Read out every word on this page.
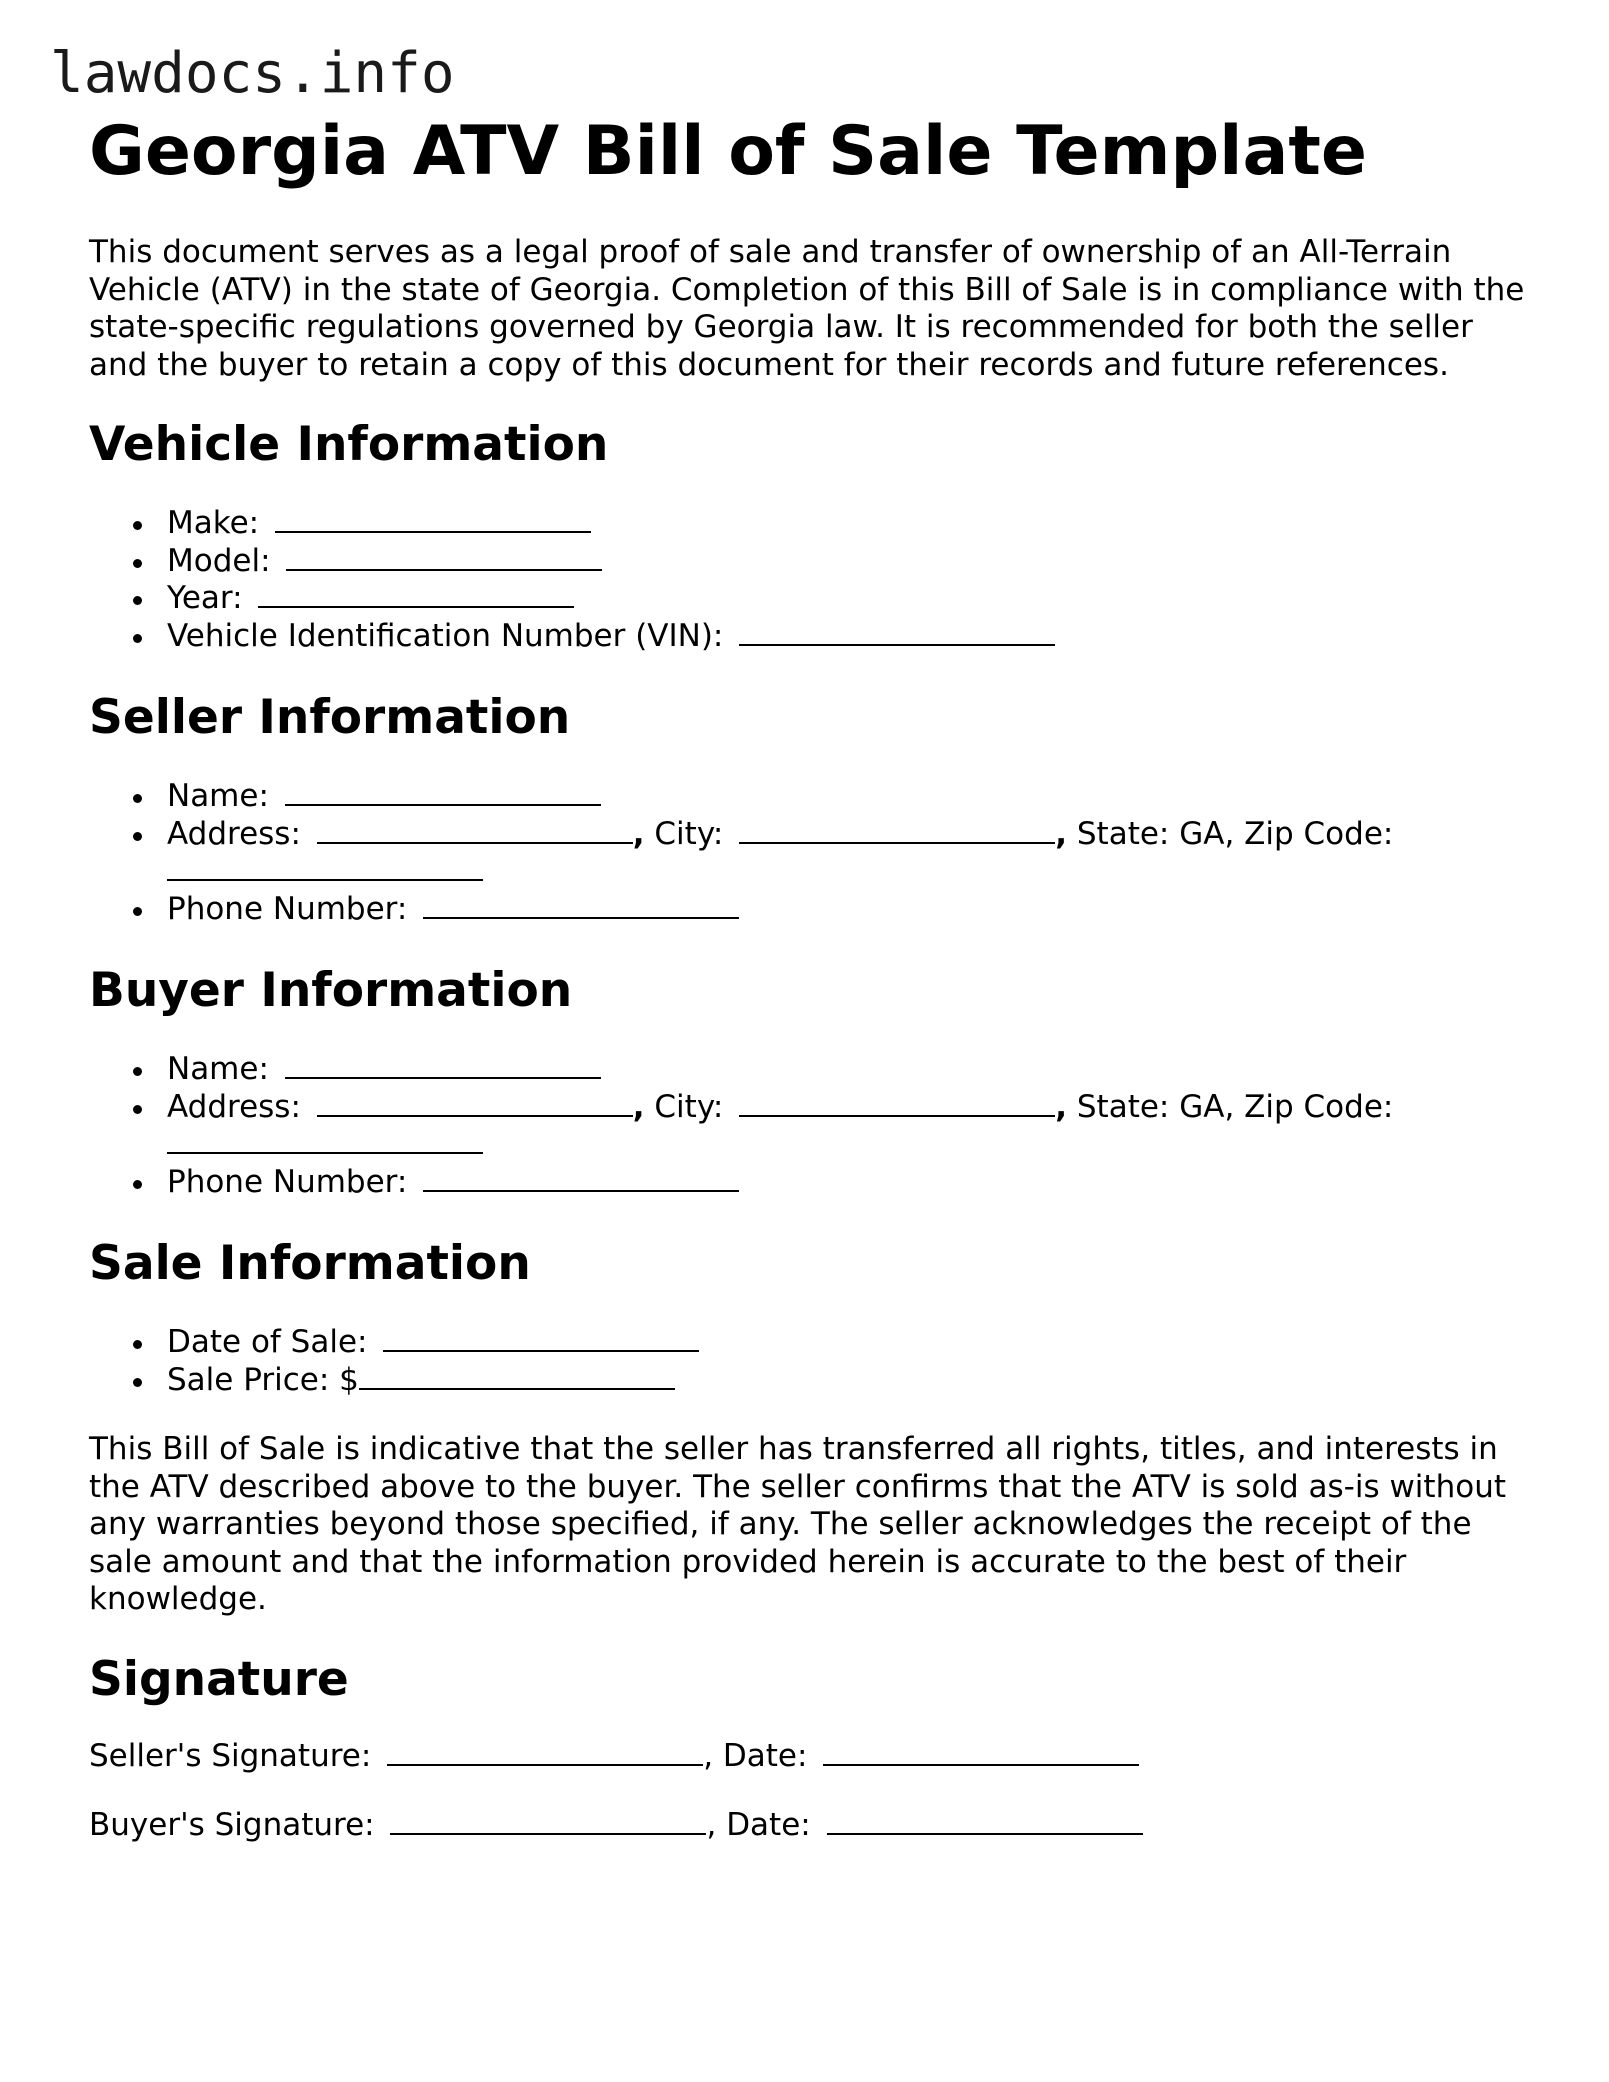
lawdocs.info
Georgia ATV Bill of Sale Template

This document serves as a legal proof of sale and transfer of ownership of an All-Terrain Vehicle (ATV) in the state of Georgia. Completion of this Bill of Sale is in compliance with the state-specific regulations governed by Georgia law. It is recommended for both the seller and the buyer to retain a copy of this document for their records and future references.

Vehicle Information
Make:
Model:
Year:
Vehicle Identification Number (VIN):
Seller Information
Name:
Address:	, City:	, State: GA, Zip Code:

Phone Number:
Buyer Information
Name:
Address:	, City:	, State: GA, Zip Code:

Phone Number:
Sale Information
Date of Sale:
Sale Price: $

This Bill of Sale is indicative that the seller has transferred all rights, titles, and interests in the ATV described above to the buyer. The seller confirms that the ATV is sold as-is without any warranties beyond those specified, if any. The seller acknowledges the receipt of the sale amount and that the information provided herein is accurate to the best of their knowledge.

Signature

Seller's Signature:	, Date:

Buyer's Signature:	, Date:
